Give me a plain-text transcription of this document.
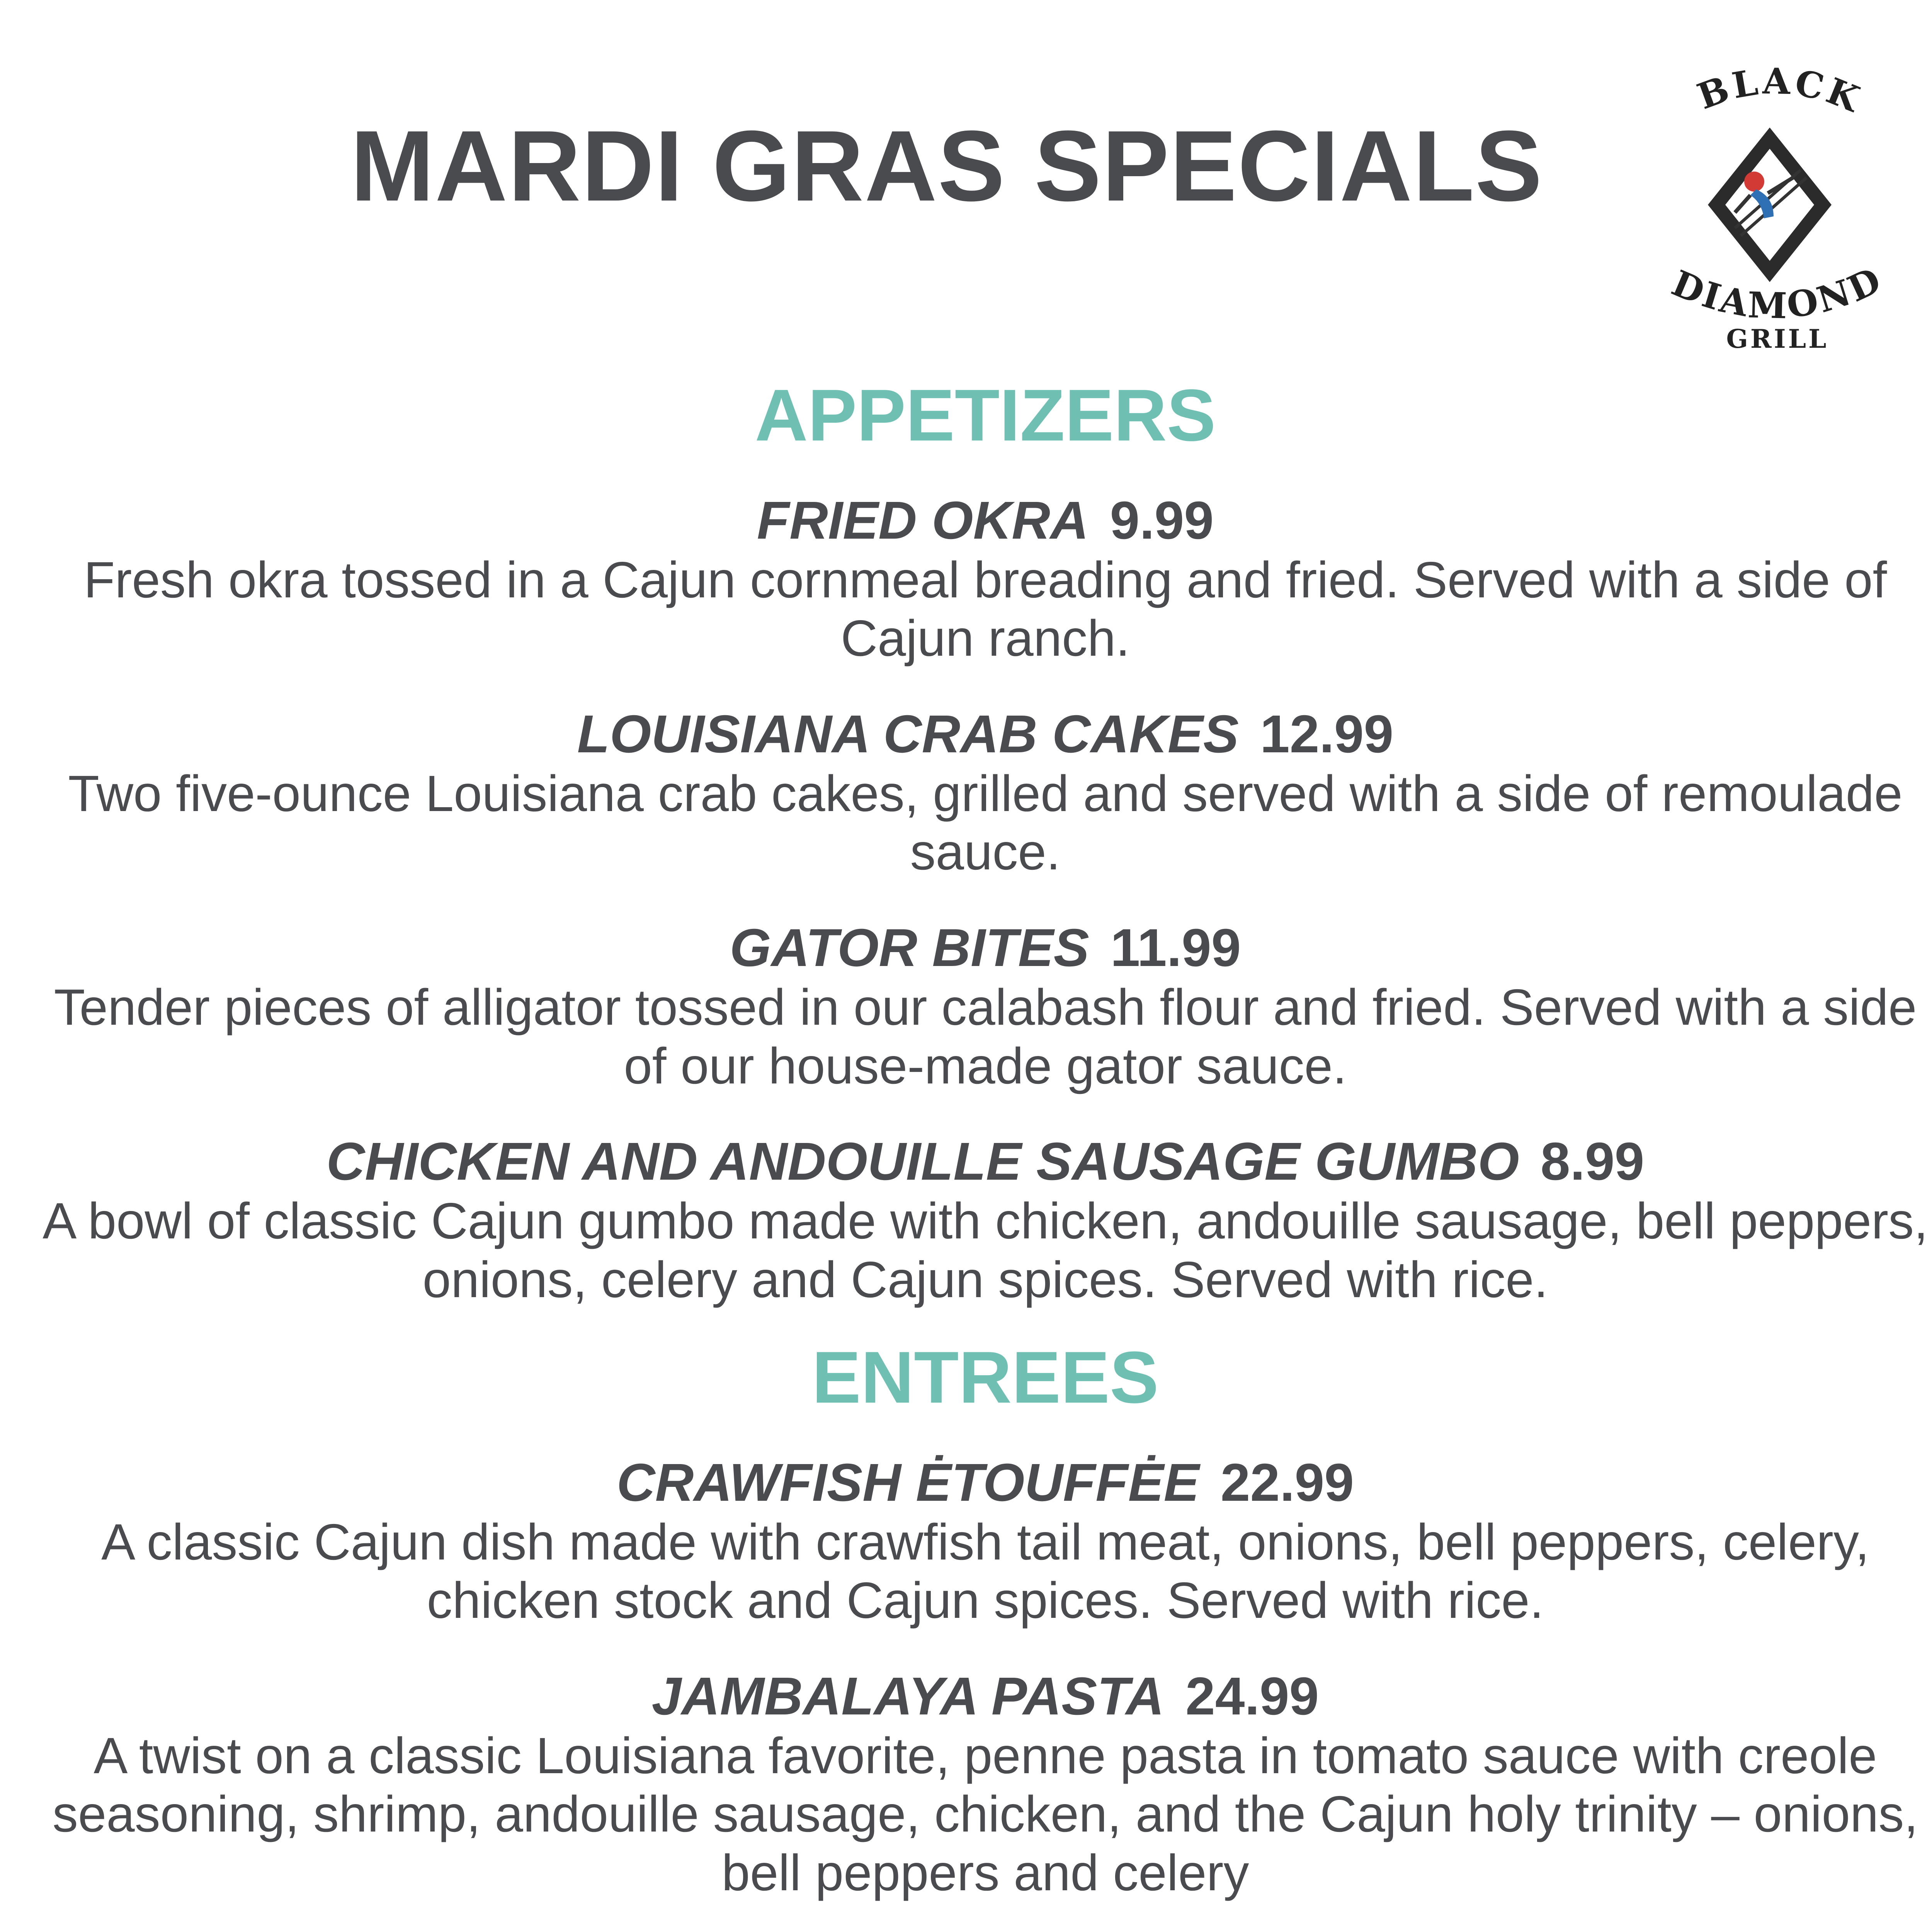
MARDI GRAS SPECIALS
BLACK
DIAMOND
GRILL
APPETIZERS

FRIED OKRA 9.99

Fresh okra tossed in a Cajun cornmeal breading and fried. Served with a side of Cajun ranch.

LOUISIANA CRAB CAKES 12.99

Two five-ounce Louisiana crab cakes, grilled and served with a side of remoulade sauce.

GATOR BITES 11.99

Tender pieces of alligator tossed in our calabash flour and fried. Served with a side of our house-made gator sauce.

CHICKEN AND ANDOUILLE SAUSAGE GUMBO 8.99

A bowl of classic Cajun gumbo made with chicken, andouille sausage, bell peppers, onions, celery and Cajun spices. Served with rice.

ENTREES

CRAWFISH ĖTOUFFĖE 22.99

A classic Cajun dish made with crawfish tail meat, onions, bell peppers, celery, chicken stock and Cajun spices. Served with rice.

JAMBALAYA PASTA 24.99

A twist on a classic Louisiana favorite, penne pasta in tomato sauce with creole seasoning, shrimp, andouille sausage, chicken, and the Cajun holy trinity – onions, bell peppers and celery
